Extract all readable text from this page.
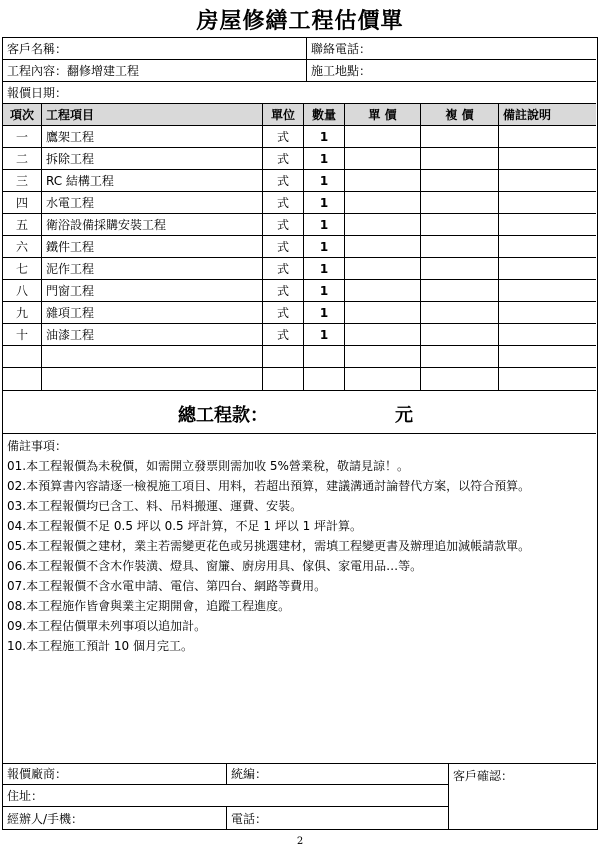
房屋修繕工程估價單
客戶名稱：	聯絡電話：
工程內容：翻修增建工程	施工地點：
報價日期：
項次	工程項目	單位	數量	單 價	複 價	備註說明
一	鷹架工程	式	1
二	拆除工程	式	1
三	RC 結構工程	式	1
四	水電工程	式	1
五	衛浴設備採購安裝工程	式	1
六	鐵件工程	式	1
七	泥作工程	式	1
八	門窗工程	式	1
九	雜項工程	式	1
十	油漆工程	式	1
總工程款：	元
備註事項：
01.本工程報價為未稅價，如需開立發票則需加收 5%營業稅，敬請見諒！。
02.本預算書內容請逐一檢視施工項目、用料，若超出預算，建議溝通討論替代方案，以符合預算。
03.本工程報價均已含工、料、吊料搬運、運費、安裝。
04.本工程報價不足 0.5 坪以 0.5 坪計算，不足 1 坪以 1 坪計算。
05.本工程報價之建材，業主若需變更花色或另挑選建材，需填工程變更書及辦理追加減帳請款單。
06.本工程報價不含木作裝潢、燈具、窗簾、廚房用具、傢俱、家電用品…等。
07.本工程報價不含水電申請、電信、第四台、網路等費用。
08.本工程施作皆會與業主定期開會，追蹤工程進度。
09.本工程估價單未列事項以追加計。
10.本工程施工預計 10 個月完工。
報價廠商：	統編：	客戶確認：
住址：
經辦人/手機：	電話：
2
